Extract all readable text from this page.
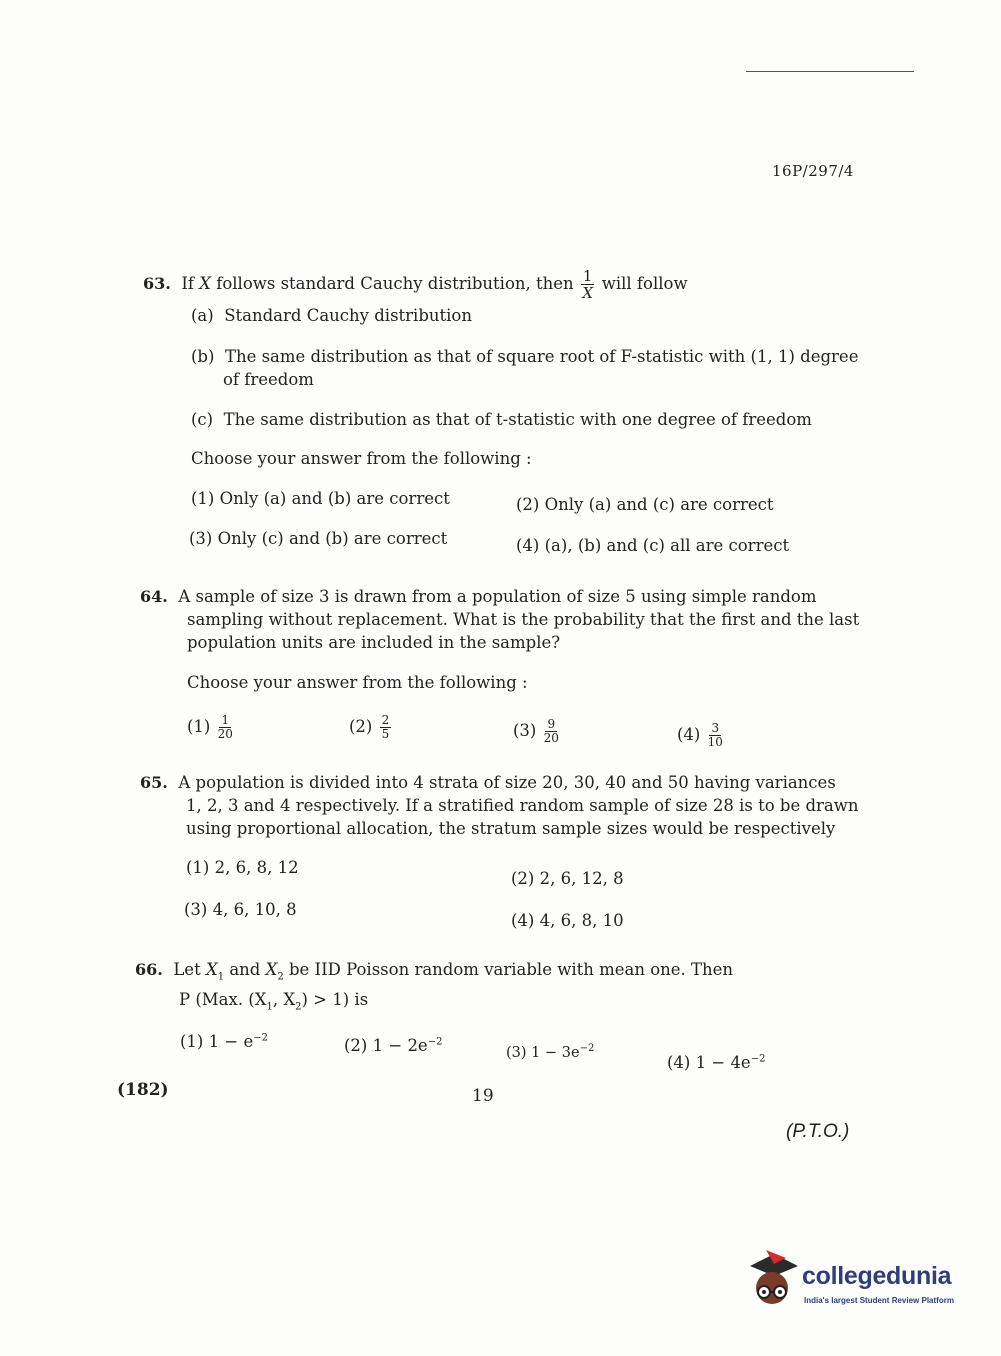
16P/297/4
63. If X follows standard Cauchy distribution, then $\frac{1}{X}$ will follow
(a) Standard Cauchy distribution
(b) The same distribution as that of square root of F-statistic with (1, 1) degree
of freedom
(c) The same distribution as that of t-statistic with one degree of freedom
Choose your answer from the following :
(1) Only (a) and (b) are correct	(2) Only (a) and (c) are correct
(3) Only (c) and (b) are correct	(4) (a), (b) and (c) all are correct
64. A sample of size 3 is drawn from a population of size 5 using simple random
sampling without replacement. What is the probability that the first and the last
population units are included in the sample?
Choose your answer from the following :
$(1) \frac{1}{20}$	$(2) \frac{2}{5}$	$(3) \frac{9}{20}$	$(4) \frac{3}{10}$
65. A population is divided into 4 strata of size 20, 30, 40 and 50 having variances
1, 2, 3 and 4 respectively. If a stratified random sample of size 28 is to be drawn
using proportional allocation, the stratum sample sizes would be respectively
(1) 2, 6, 8, 12
(2) 2, 6, 12, 8
(3) 4, 6, 10, 8
(4) 4, 6, 8, 10
66. Let $X_1$ and $X_2$ be IID Poisson random variable with mean one. Then
P (Max. ($X_1$, $X_2) > 1$) is
(1) $1 - e^{-2}$	(2) $1 - 2e^{-2}$
(3) $1 - 3e^{-2}$
(4) $1 - 4e^{-2}$
(182)	19
(P.T.O.)
collegedunia
India's largest Student Review Platform
